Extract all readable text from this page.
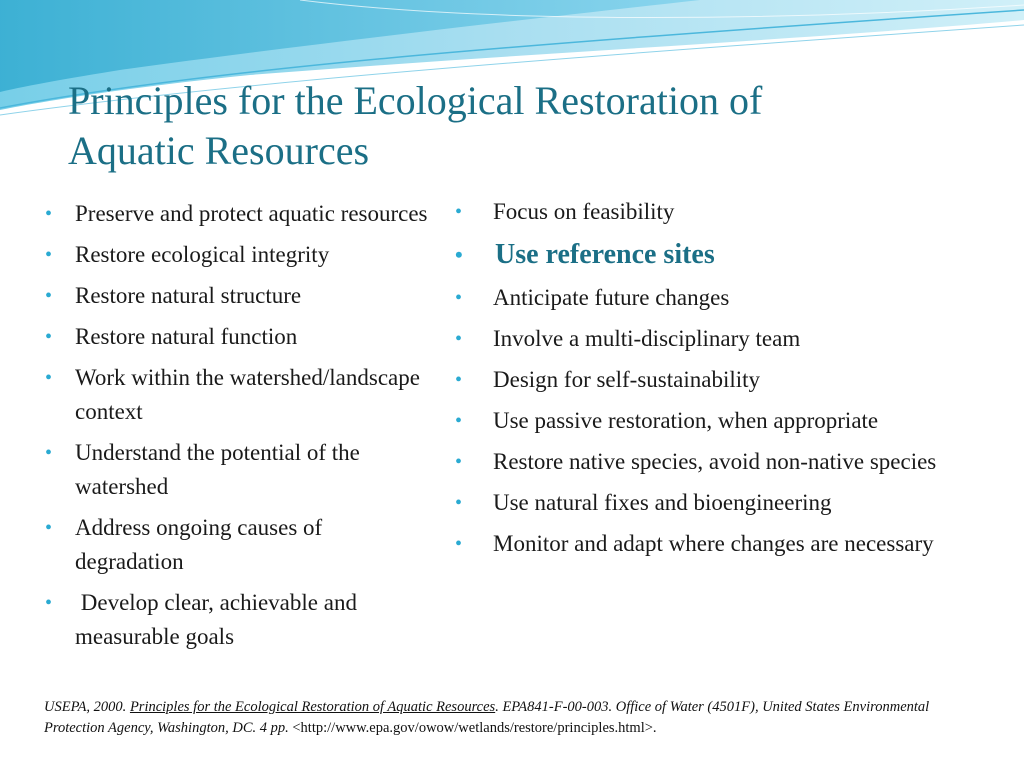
Principles for the Ecological Restoration of
Aquatic Resources
• Preserve and protect aquatic resources
• Restore ecological integrity
• Restore natural structure
• Restore natural function
• Work within the watershed/landscape context
• Understand the potential of the watershed
• Address ongoing causes of degradation
• Develop clear, achievable and measurable goals
• Focus on feasibility
• Use reference sites
• Anticipate future changes
• Involve a multi-disciplinary team
• Design for self-sustainability
• Use passive restoration, when appropriate
• Restore native species, avoid non-native species
• Use natural fixes and bioengineering
• Monitor and adapt where changes are necessary
USEPA, 2000. Principles for the Ecological Restoration of Aquatic Resources. EPA841-F-00-003. Office of Water (4501F), United States Environmental Protection Agency, Washington, DC. 4 pp. <http://www.epa.gov/owow/wetlands/restore/principles.html>.
